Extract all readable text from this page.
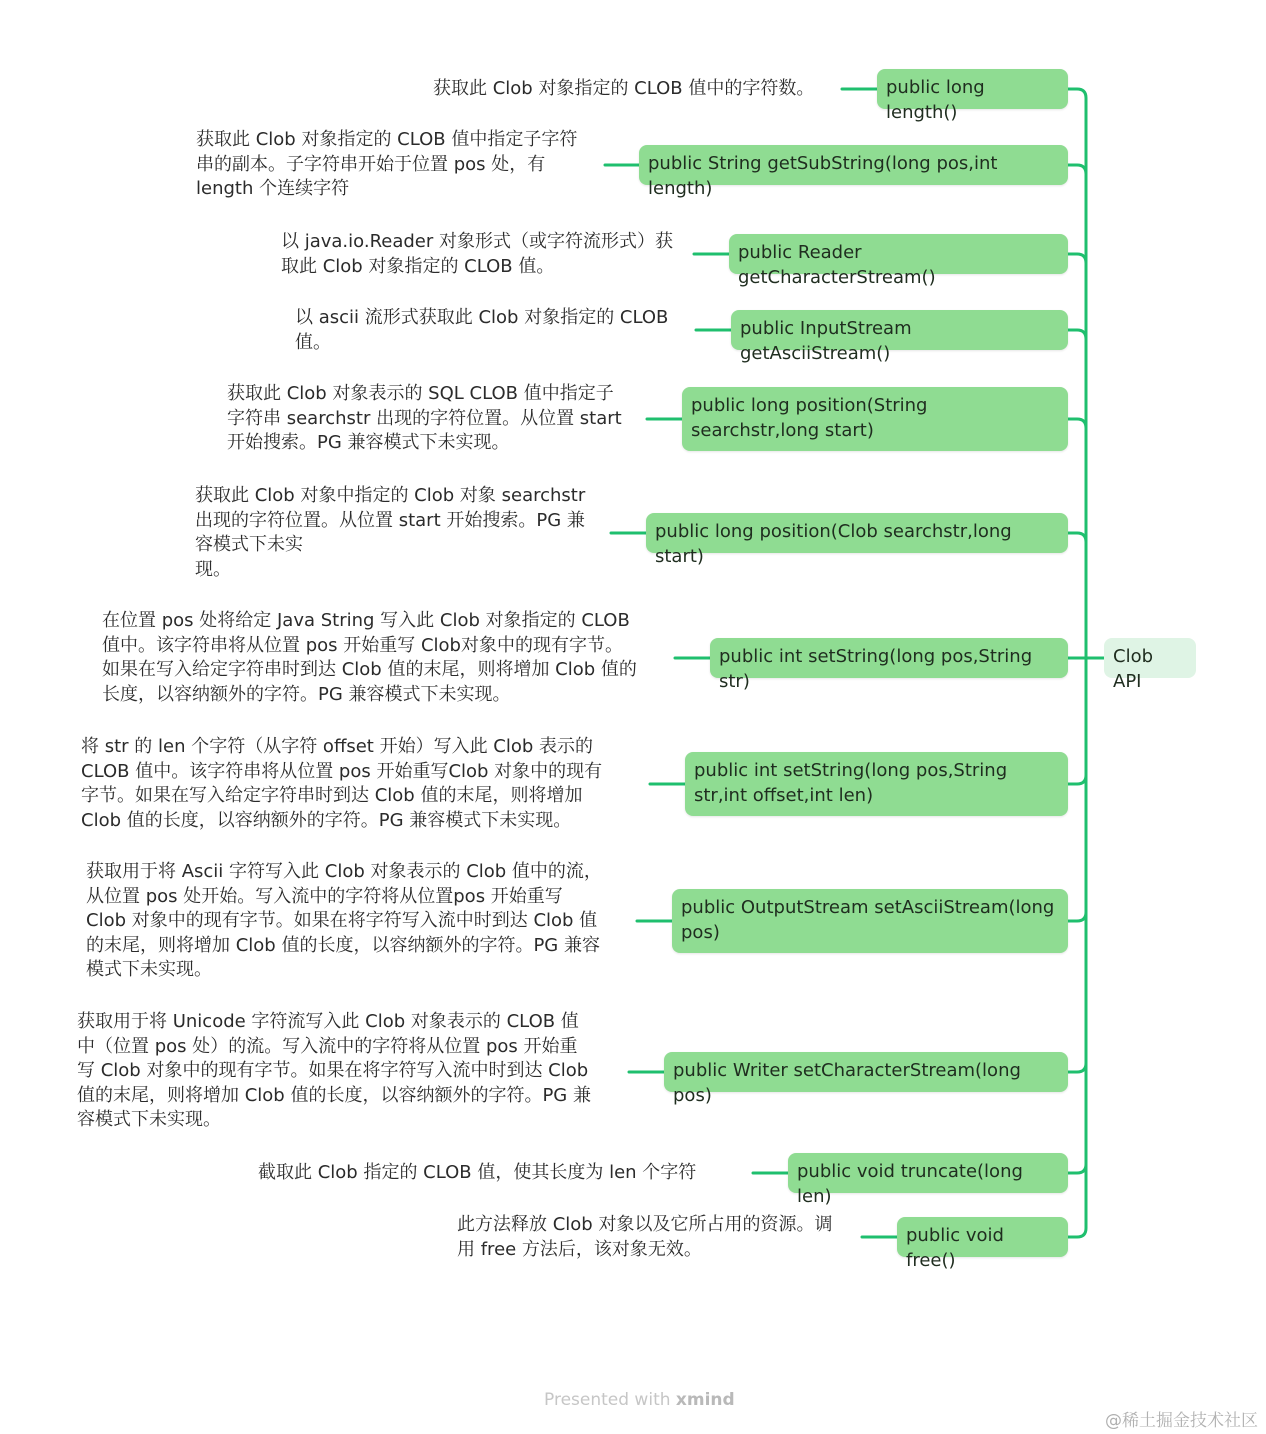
Clob API
public long length()
获取此 Clob 对象指定的 CLOB 值中的字符数。
public String getSubString(long pos,int length)
获取此 Clob 对象指定的 CLOB 值中指定子字符
串的副本。子字符串开始于位置 pos 处，有
length 个连续字符
public Reader getCharacterStream()
以 java.io.Reader 对象形式（或字符流形式）获
取此 Clob 对象指定的 CLOB 值。
public InputStream getAsciiStream()
以 ascii 流形式获取此 Clob 对象指定的 CLOB
值。
public long position(String searchstr,long start)
获取此 Clob 对象表示的 SQL CLOB 值中指定子
字符串 searchstr 出现的字符位置。从位置 start
开始搜索。PG 兼容模式下未实现。
public long position(Clob searchstr,long start)
获取此 Clob 对象中指定的 Clob 对象 searchstr
出现的字符位置。从位置 start 开始搜索。PG 兼
容模式下未实
现。
public int setString(long pos,String str)
在位置 pos 处将给定 Java String 写入此 Clob 对象指定的 CLOB
值中。该字符串将从位置 pos 开始重写 Clob对象中的现有字节。
如果在写入给定字符串时到达 Clob 值的末尾，则将增加 Clob 值的
长度，以容纳额外的字符。PG 兼容模式下未实现。
public int setString(long pos,String str,int offset,int len)
将 str 的 len 个字符（从字符 offset 开始）写入此 Clob 表示的
CLOB 值中。该字符串将从位置 pos 开始重写Clob 对象中的现有
字节。如果在写入给定字符串时到达 Clob 值的末尾，则将增加
Clob 值的长度，以容纳额外的字符。PG 兼容模式下未实现。
public OutputStream setAsciiStream(long pos)
获取用于将 Ascii 字符写入此 Clob 对象表示的 Clob 值中的流，
从位置 pos 处开始。写入流中的字符将从位置pos 开始重写
Clob 对象中的现有字节。如果在将字符写入流中时到达 Clob 值
的末尾，则将增加 Clob 值的长度，以容纳额外的字符。PG 兼容
模式下未实现。
public Writer setCharacterStream(long pos)
获取用于将 Unicode 字符流写入此 Clob 对象表示的 CLOB 值
中（位置 pos 处）的流。写入流中的字符将从位置 pos 开始重
写 Clob 对象中的现有字节。如果在将字符写入流中时到达 Clob
值的末尾，则将增加 Clob 值的长度，以容纳额外的字符。PG 兼
容模式下未实现。
public void truncate(long len)
截取此 Clob 指定的 CLOB 值，使其长度为 len 个字符
public void free()
此方法释放 Clob 对象以及它所占用的资源。调
用 free 方法后，该对象无效。
Presented with xmind
@稀土掘金技术社区
